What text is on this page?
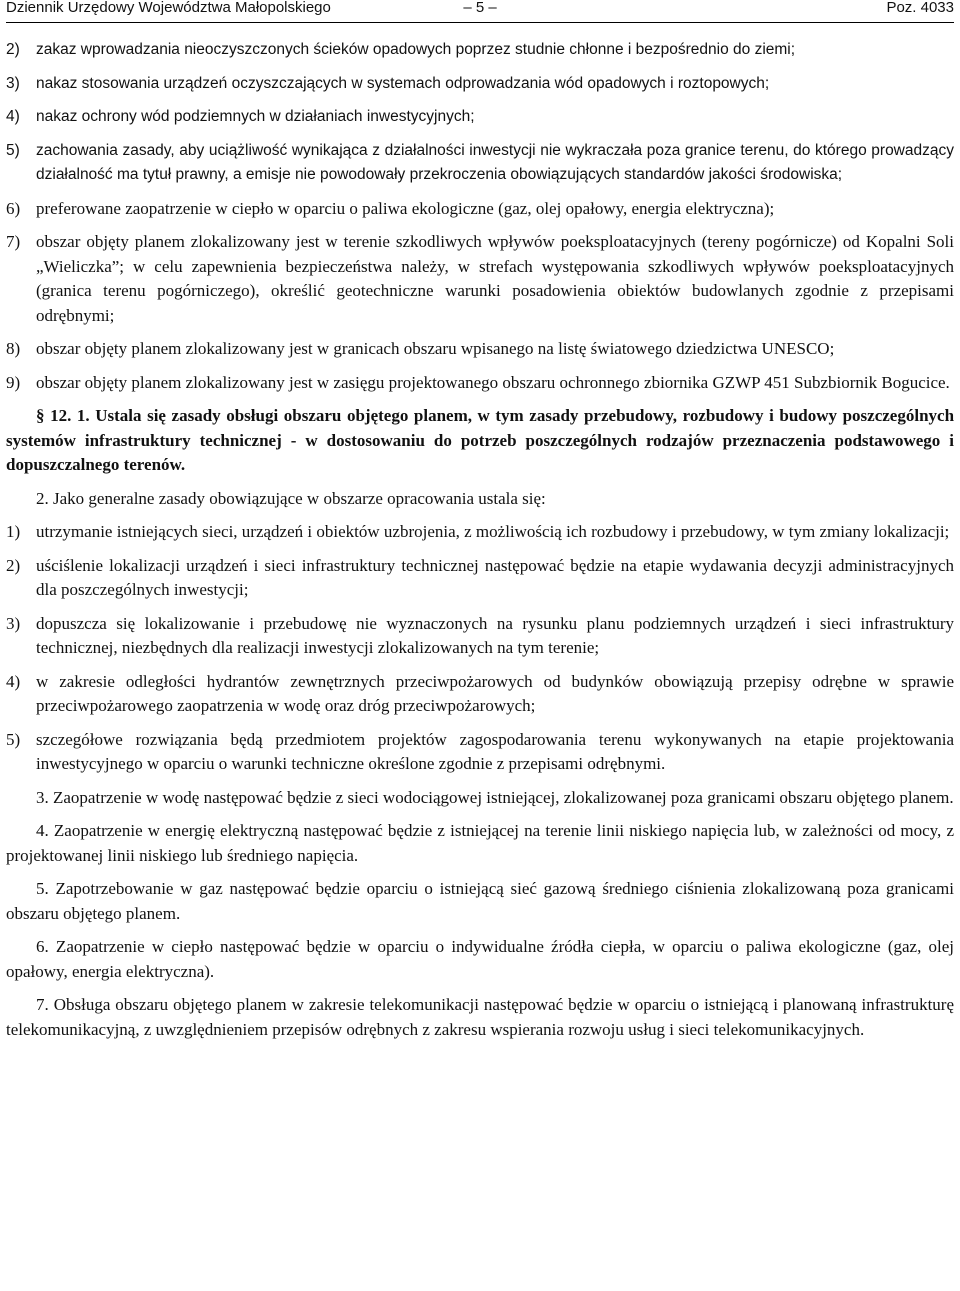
Dziennik Urzędowy Województwa Małopolskiego	– 5 –	Poz. 4033
2)	zakaz wprowadzania nieoczyszczonych ścieków opadowych poprzez studnie chłonne i bezpośrednio do ziemi;
3)	nakaz stosowania urządzeń oczyszczających w systemach odprowadzania wód opadowych i roztopowych;
4)	nakaz ochrony wód podziemnych w działaniach inwestycyjnych;
5)	zachowania zasady, aby uciążliwość wynikająca z działalności inwestycji nie wykraczała poza granice terenu, do którego prowadzący działalność ma tytuł prawny, a emisje nie powodowały przekroczenia obowiązujących standardów jakości środowiska;
6) preferowane zaopatrzenie w ciepło w oparciu o paliwa ekologiczne (gaz, olej opałowy, energia elektryczna);
7) obszar objęty planem zlokalizowany jest w terenie szkodliwych wpływów poeksploatacyjnych (tereny pogórnicze) od Kopalni Soli „Wieliczka”; w celu zapewnienia bezpieczeństwa należy, w strefach występowania szkodliwych wpływów poeksploatacyjnych (granica terenu pogórniczego), określić geotechniczne warunki posadowienia obiektów budowlanych zgodnie z przepisami odrębnymi;
8) obszar objęty planem zlokalizowany jest w granicach obszaru wpisanego na listę światowego dziedzictwa UNESCO;
9) obszar objęty planem zlokalizowany jest w zasięgu projektowanego obszaru ochronnego zbiornika GZWP 451 Subzbiornik Bogucice.

§ 12. 1. Ustala się zasady obsługi obszaru objętego planem, w tym zasady przebudowy, rozbudowy i budowy poszczególnych systemów infrastruktury technicznej - w dostosowaniu do potrzeb poszczególnych rodzajów przeznaczenia podstawowego i dopuszczalnego terenów.

2. Jako generalne zasady obowiązujące w obszarze opracowania ustala się:

1) utrzymanie istniejących sieci, urządzeń i obiektów uzbrojenia, z możliwością ich rozbudowy i przebudowy, w tym zmiany lokalizacji;
2) uściślenie lokalizacji urządzeń i sieci infrastruktury technicznej następować będzie na etapie wydawania decyzji administracyjnych dla poszczególnych inwestycji;
3) dopuszcza się lokalizowanie i przebudowę nie wyznaczonych na rysunku planu podziemnych urządzeń i sieci infrastruktury technicznej, niezbędnych dla realizacji inwestycji zlokalizowanych na tym terenie;
4) w zakresie odległości hydrantów zewnętrznych przeciwpożarowych od budynków obowiązują przepisy odrębne w sprawie przeciwpożarowego zaopatrzenia w wodę oraz dróg przeciwpożarowych;
5) szczegółowe rozwiązania będą przedmiotem projektów zagospodarowania terenu wykonywanych na etapie projektowania inwestycyjnego w oparciu o warunki techniczne określone zgodnie z przepisami odrębnymi.

3. Zaopatrzenie w wodę następować będzie z sieci wodociągowej istniejącej, zlokalizowanej poza granicami obszaru objętego planem.

4. Zaopatrzenie w energię elektryczną następować będzie z istniejącej na terenie linii niskiego napięcia lub, w zależności od mocy, z projektowanej linii niskiego lub średniego napięcia.

5. Zapotrzebowanie w gaz następować będzie oparciu o istniejącą sieć gazową średniego ciśnienia zlokalizowaną poza granicami obszaru objętego planem.

6. Zaopatrzenie w ciepło następować będzie w oparciu o indywidualne źródła ciepła, w oparciu o paliwa ekologiczne (gaz, olej opałowy, energia elektryczna).

7. Obsługa obszaru objętego planem w zakresie telekomunikacji następować będzie w oparciu o istniejącą i planowaną infrastrukturę telekomunikacyjną, z uwzględnieniem przepisów odrębnych z zakresu wspierania rozwoju usług i sieci telekomunikacyjnych.
